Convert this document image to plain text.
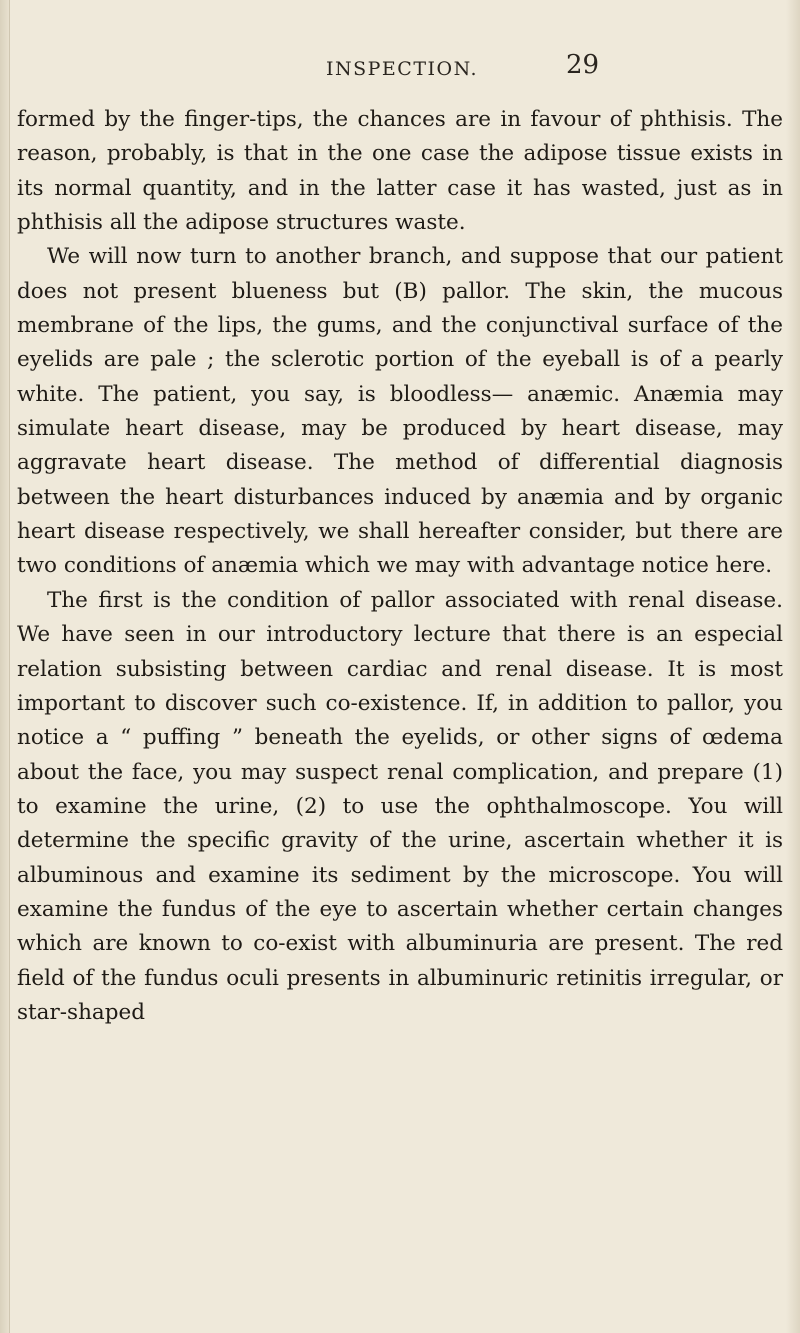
INSPECTION.	29

formed by the finger-tips, the chances are in favour of phthisis. The reason, probably, is that in the one case the adipose tissue exists in its normal quantity, and in the latter case it has wasted, just as in phthisis all the adipose structures waste.

We will now turn to another branch, and suppose that our patient does not present blueness but (B) pallor. The skin, the mucous membrane of the lips, the gums, and the conjunctival surface of the eyelids are pale ; the sclerotic portion of the eyeball is of a pearly white. The patient, you say, is bloodless— anæmic. Anæmia may simulate heart disease, may be produced by heart disease, may aggravate heart disease. The method of differential diagnosis between the heart disturbances induced by anæmia and by organic heart disease respectively, we shall hereafter consider, but there are two conditions of anæmia which we may with advantage notice here.

The first is the condition of pallor associated with renal disease. We have seen in our introductory lecture that there is an especial relation subsisting between cardiac and renal disease. It is most important to discover such co-existence. If, in addition to pallor, you notice a “ puffing ” beneath the eyelids, or other signs of œdema about the face, you may suspect renal complication, and prepare (1) to examine the urine, (2) to use the ophthalmoscope. You will determine the specific gravity of the urine, ascertain whether it is albuminous and examine its sediment by the microscope. You will examine the fundus of the eye to ascertain whether certain changes which are known to co-exist with albuminuria are present. The red field of the fundus oculi presents in albuminuric retinitis irregular, or star-shaped
